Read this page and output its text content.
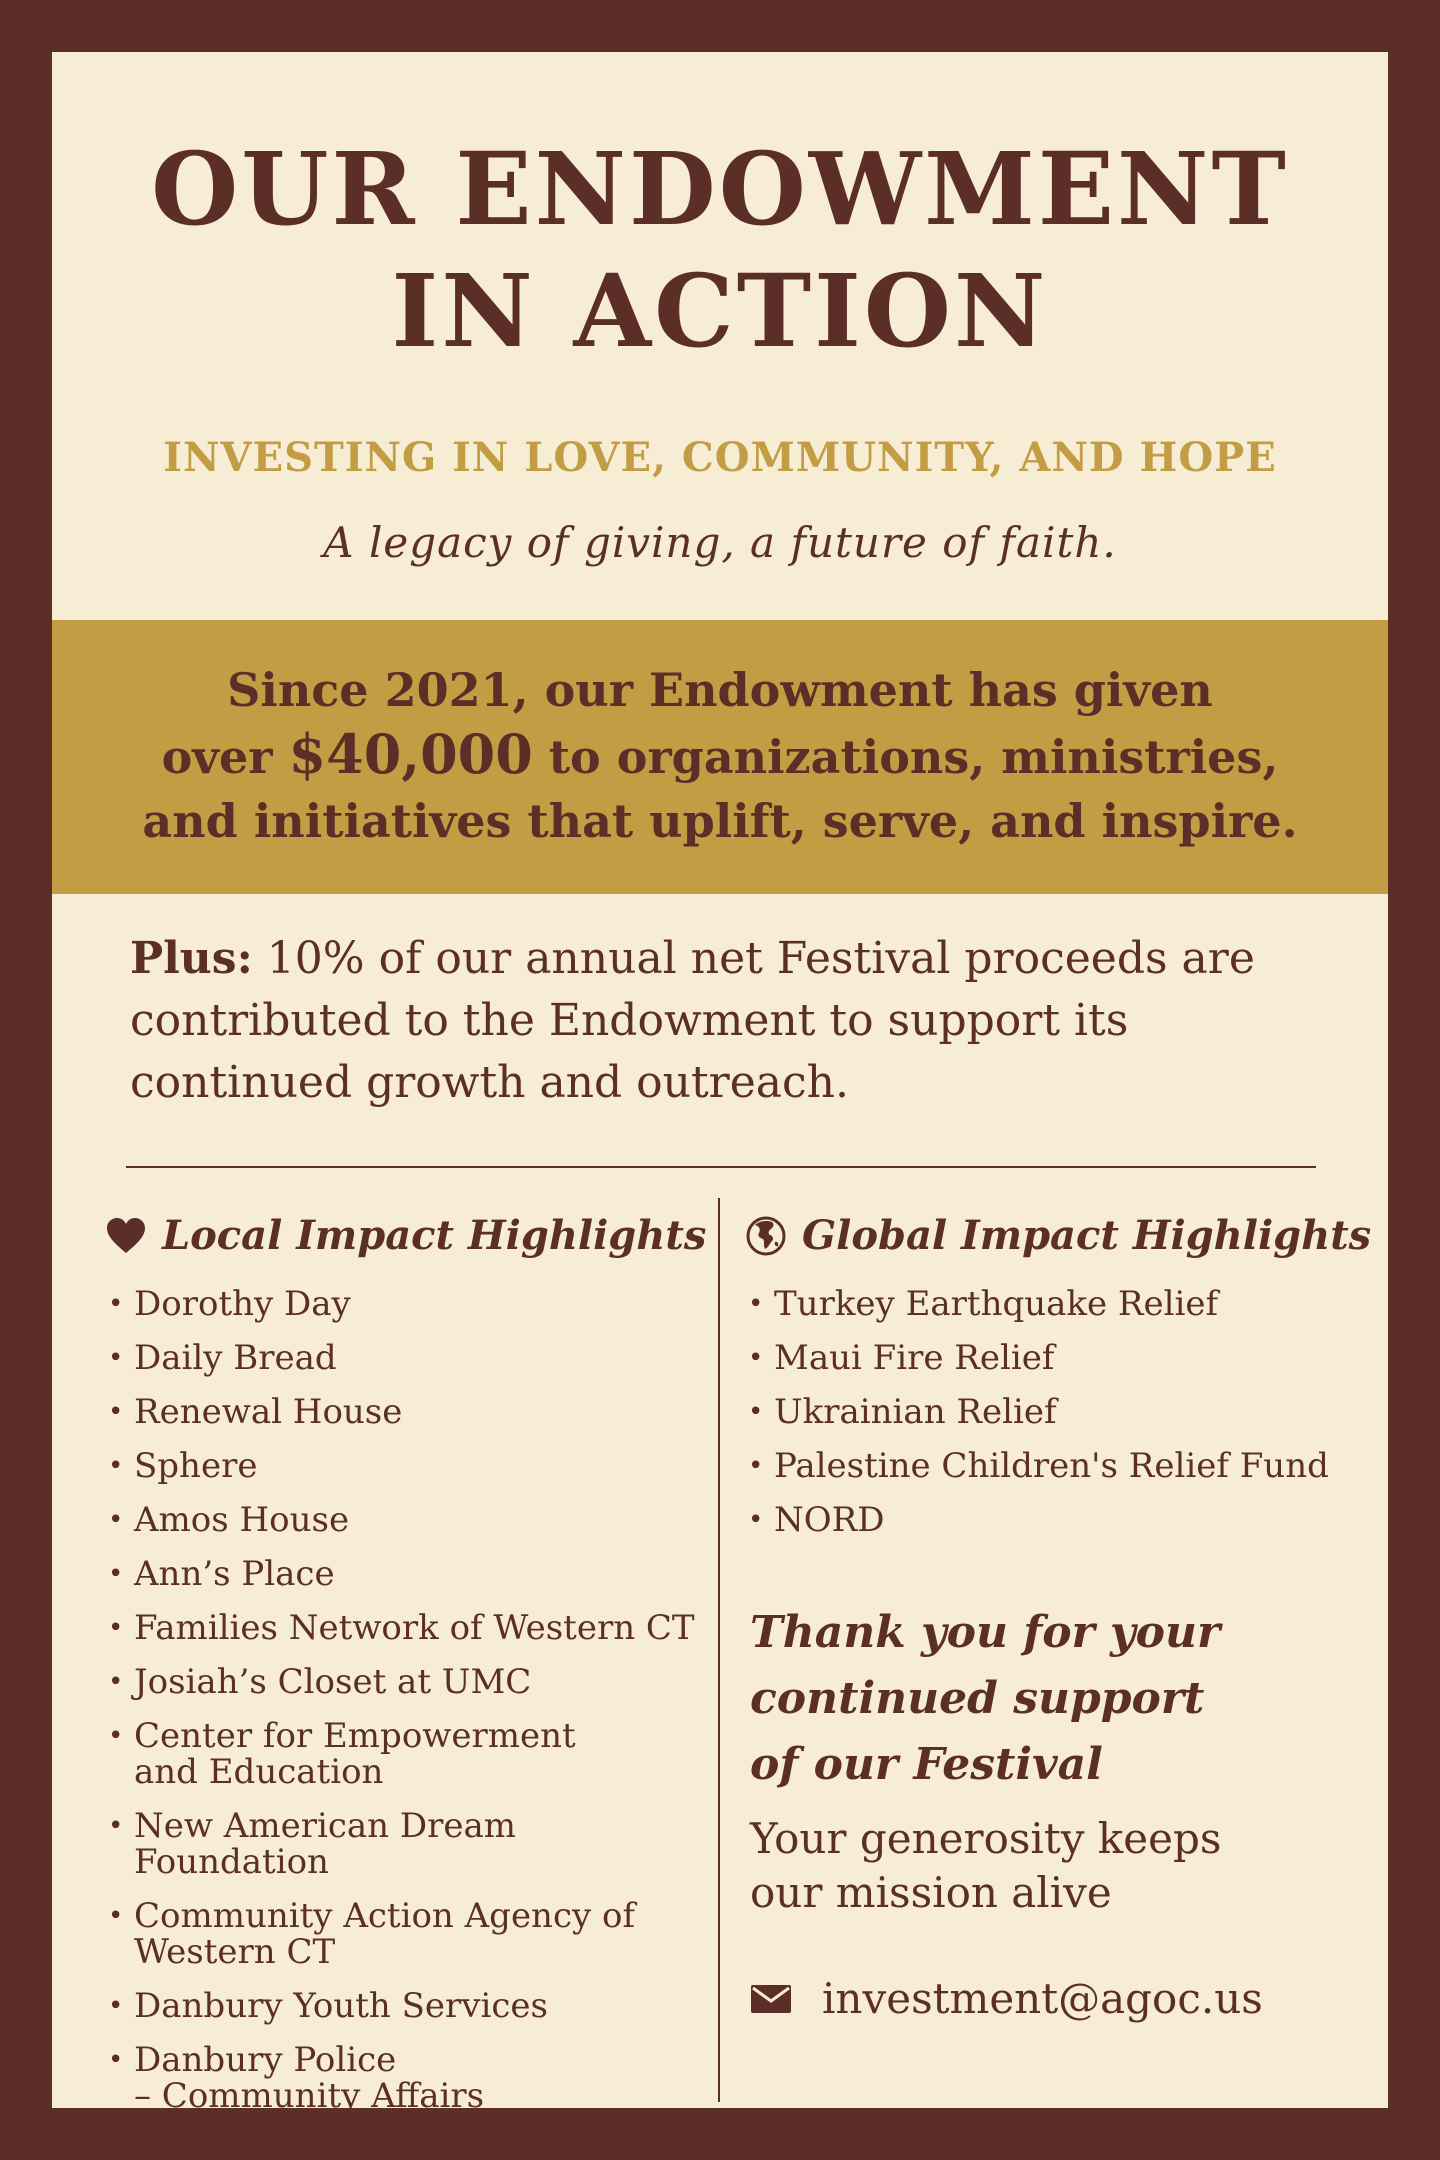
OUR ENDOWMENT
IN ACTION
INVESTING IN LOVE, COMMUNITY, AND HOPE
A legacy of giving, a future of faith.
Since 2021, our Endowment has given
over $40,000 to organizations, ministries,
and initiatives that uplift, serve, and inspire.
Plus: 10% of our annual net Festival proceeds are
contributed to the Endowment to support its
continued growth and outreach.
Local Impact Highlights
• Dorothy Day
• Daily Bread
• Renewal House
• Sphere
• Amos House
• Ann’s Place
• Families Network of Western CT
• Josiah’s Closet at UMC
• Center for Empowerment
and Education
• New American Dream Foundation
• Community Action Agency of
Western CT
• Danbury Youth Services
• Danbury Police
– Community Affairs
Global Impact Highlights
• Turkey Earthquake Relief
• Maui Fire Relief
• Ukrainian Relief
• Palestine Children's Relief Fund
• NORD
Thank you for your
continued support
of our Festival
Your generosity keeps
our mission alive
investment@agoc.us
